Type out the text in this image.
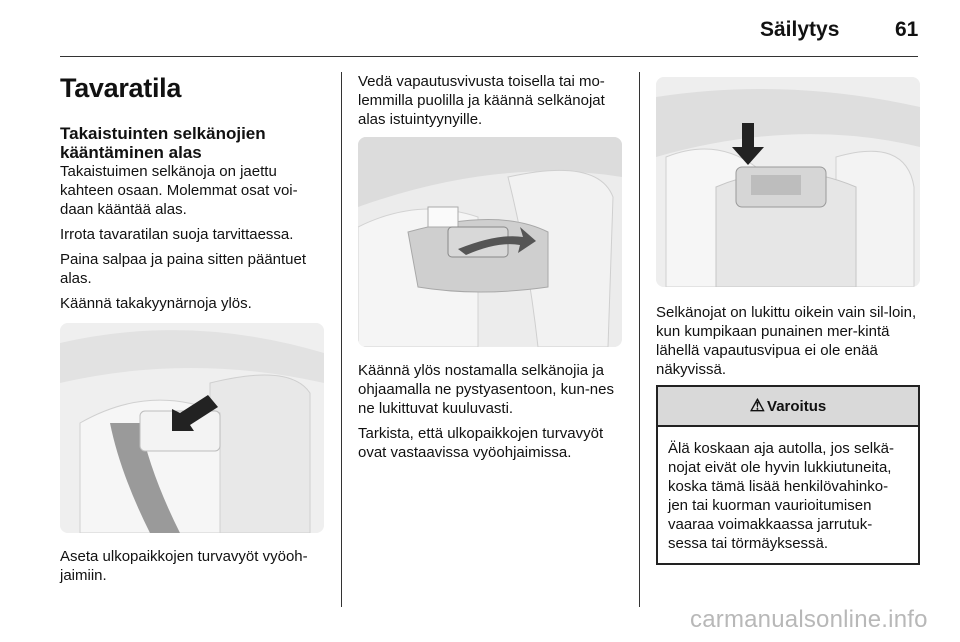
Säilytys	61
Tavaratila
Takaistuinten selkänojien kääntäminen alas

Takaistuimen selkänoja on jaettu kahteen osaan. Molemmat osat voi-daan kääntää alas.

Irrota tavaratilan suoja tarvittaessa.

Paina salpaa ja paina sitten pääntuet alas.

Käännä takakyynärnoja ylös.

Aseta ulkopaikkojen turvavyöt vyöoh-jaimiin.

Vedä vapautusvivusta toisella tai mo-lemmilla puolilla ja käännä selkänojat alas istuintyynyille.

Käännä ylös nostamalla selkänojia ja ohjaamalla ne pystyasentoon, kun-nes ne lukittuvat kuuluvasti.

Tarkista, että ulkopaikkojen turvavyöt ovat vastaavissa vyöohjaimissa.

Selkänojat on lukittu oikein vain sil-loin, kun kumpikaan punainen mer-kintä lähellä vapautusvipua ei ole enää näkyvissä.

⚠ Varoitus
Älä koskaan aja autolla, jos selkä-nojat eivät ole hyvin lukkiutuneita, koska tämä lisää henkilövahinko-jen tai kuorman vaurioitumisen vaaraa voimakkaassa jarrutuk-sessa tai törmäyksessä.
carmanualsonline.info
